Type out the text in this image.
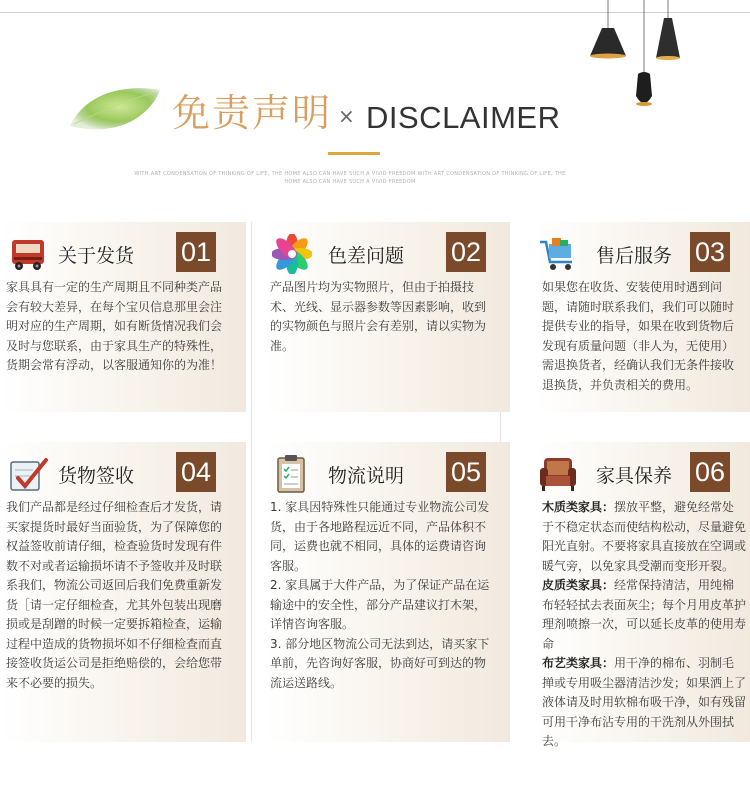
免责声明 × DISCLAIMER
WITH ART CONDENSATION OF THINKING OF LIFE, THE HOME ALSO CAN HAVE SUCH A VIVID FREEDOM WITH ART CONDENSATION OF THINKING OF LIFE, THE HOME ALSO CAN HAVE SUCH A VIVID FREEDOM
关于发货 01

家具具有一定的生产周期且不同种类产品会有较大差异，在每个宝贝信息那里会注明对应的生产周期，如有断货情况我们会及时与您联系，由于家具生产的特殊性，货期会常有浮动，以客服通知你的为准！

色差问题 02

产品图片均为实物照片，但由于拍摄技术、光线、显示器参数等因素影响，收到的实物颜色与照片会有差别，请以实物为准。

售后服务 03

如果您在收货、安装使用时遇到问题，请随时联系我们，我们可以随时提供专业的指导，如果在收到货物后发现有质量问题（非人为，无使用）需退换货者，经确认我们无条件接收退换货，并负责相关的费用。

货物签收 04

我们产品都是经过仔细检查后才发货，请买家提货时最好当面验货，为了保障您的权益签收前请仔细，检查验货时发现有件数不对或者运输损坏请不予签收并及时联系我们，物流公司返回后我们免费重新发货［请一定仔细检查，尤其外包装出现磨损或是刮蹭的时候一定要拆箱检查，运输过程中造成的货物损坏如不仔细检查而直接签收货运公司是拒绝赔偿的，会给您带来不必要的损失。

物流说明 05

1. 家具因特殊性只能通过专业物流公司发货，由于各地路程远近不同，产品体积不同，运费也就不相同，具体的运费请咨询客服。

2. 家具属于大件产品，为了保证产品在运输途中的安全性，部分产品建议打木架，详情咨询客服。

3. 部分地区物流公司无法到达，请买家下单前，先咨询好客服，协商好可到达的物流运送路线。

家具保养 06

木质类家具：摆放平整，避免经常处于不稳定状态而使结构松动，尽量避免阳光直射。不要将家具直接放在空调或暖气旁，以免家具受潮而变形开裂。

皮质类家具：经常保持清洁，用纯棉布轻轻拭去表面灰尘；每个月用皮革护理剂喷擦一次，可以延长皮革的使用寿命

布艺类家具：用干净的棉布、羽制毛掸或专用吸尘器清洁沙发；如果洒上了液体请及时用软棉布吸干净，如有残留可用干净布沾专用的干洗剂从外围拭去。
